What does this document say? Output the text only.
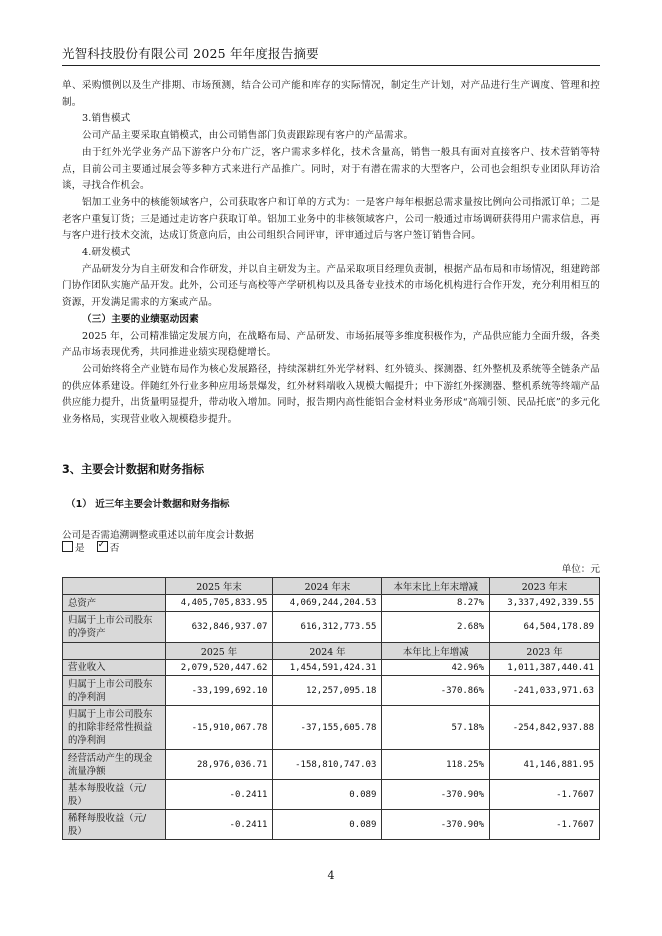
光智科技股份有限公司 2025 年年度报告摘要

单、采购惯例以及生产排期、市场预测，结合公司产能和库存的实际情况，制定生产计划，对产品进行生产调度、管理和控制。

3.销售模式

公司产品主要采取直销模式，由公司销售部门负责跟踪现有客户的产品需求。

由于红外光学业务产品下游客户分布广泛，客户需求多样化，技术含量高，销售一般具有面对直接客户、技术营销等特点，目前公司主要通过展会等多种方式来进行产品推广。同时，对于有潜在需求的大型客户，公司也会组织专业团队拜访洽谈，寻找合作机会。

铝加工业务中的核能领域客户，公司获取客户和订单的方式为：一是客户每年根据总需求量按比例向公司指派订单；二是老客户重复订货；三是通过走访客户获取订单。铝加工业务中的非核领域客户，公司一般通过市场调研获得用户需求信息，再与客户进行技术交流，达成订货意向后，由公司组织合同评审，评审通过后与客户签订销售合同。

4.研发模式

产品研发分为自主研发和合作研发，并以自主研发为主。产品采取项目经理负责制，根据产品布局和市场情况，组建跨部门协作团队实施产品开发。此外，公司还与高校等产学研机构以及具备专业技术的市场化机构进行合作开发，充分利用相互的资源，开发满足需求的方案或产品。

（三）主要的业绩驱动因素

2025 年，公司精准锚定发展方向，在战略布局、产品研发、市场拓展等多维度积极作为，产品供应能力全面升级，各类产品市场表现优秀，共同推进业绩实现稳健增长。

公司始终将全产业链布局作为核心发展路径，持续深耕红外光学材料、红外镜头、探测器、红外整机及系统等全链条产品的供应体系建设。伴随红外行业多种应用场景爆发，红外材料端收入规模大幅提升；中下游红外探测器、整机系统等终端产品供应能力提升，出货量明显提升，带动收入增加。同时，报告期内高性能铝合金材料业务形成“高端引领、民品托底”的多元化业务格局，实现营业收入规模稳步提升。

3、主要会计数据和财务指标
（1） 近三年主要会计数据和财务指标
公司是否需追溯调整或重述以前年度会计数据
是 ✓	否
单位：元
	2025 年末	2024 年末	本年末比上年末增减	2023 年末
总资产	4,405,705,833.95	4,069,244,204.53	8.27%	3,337,492,339.55
归属于上市公司股东的净资产	632,846,937.07	616,312,773.55	2.68%	64,504,178.89
	2025 年	2024 年	本年比上年增减	2023 年
营业收入	2,079,520,447.62	1,454,591,424.31	42.96%	1,011,387,440.41
归属于上市公司股东的净利润	-33,199,692.10	12,257,095.18	-370.86%	-241,033,971.63
归属于上市公司股东的扣除非经常性损益的净利润	-15,910,067.78	-37,155,605.78	57.18%	-254,842,937.88
经营活动产生的现金流量净额	28,976,036.71	-158,810,747.03	118.25%	41,146,881.95
基本每股收益（元/股）	-0.2411	0.089	-370.90%	-1.7607
稀释每股收益（元/股）	-0.2411	0.089	-370.90%	-1.7607
4
